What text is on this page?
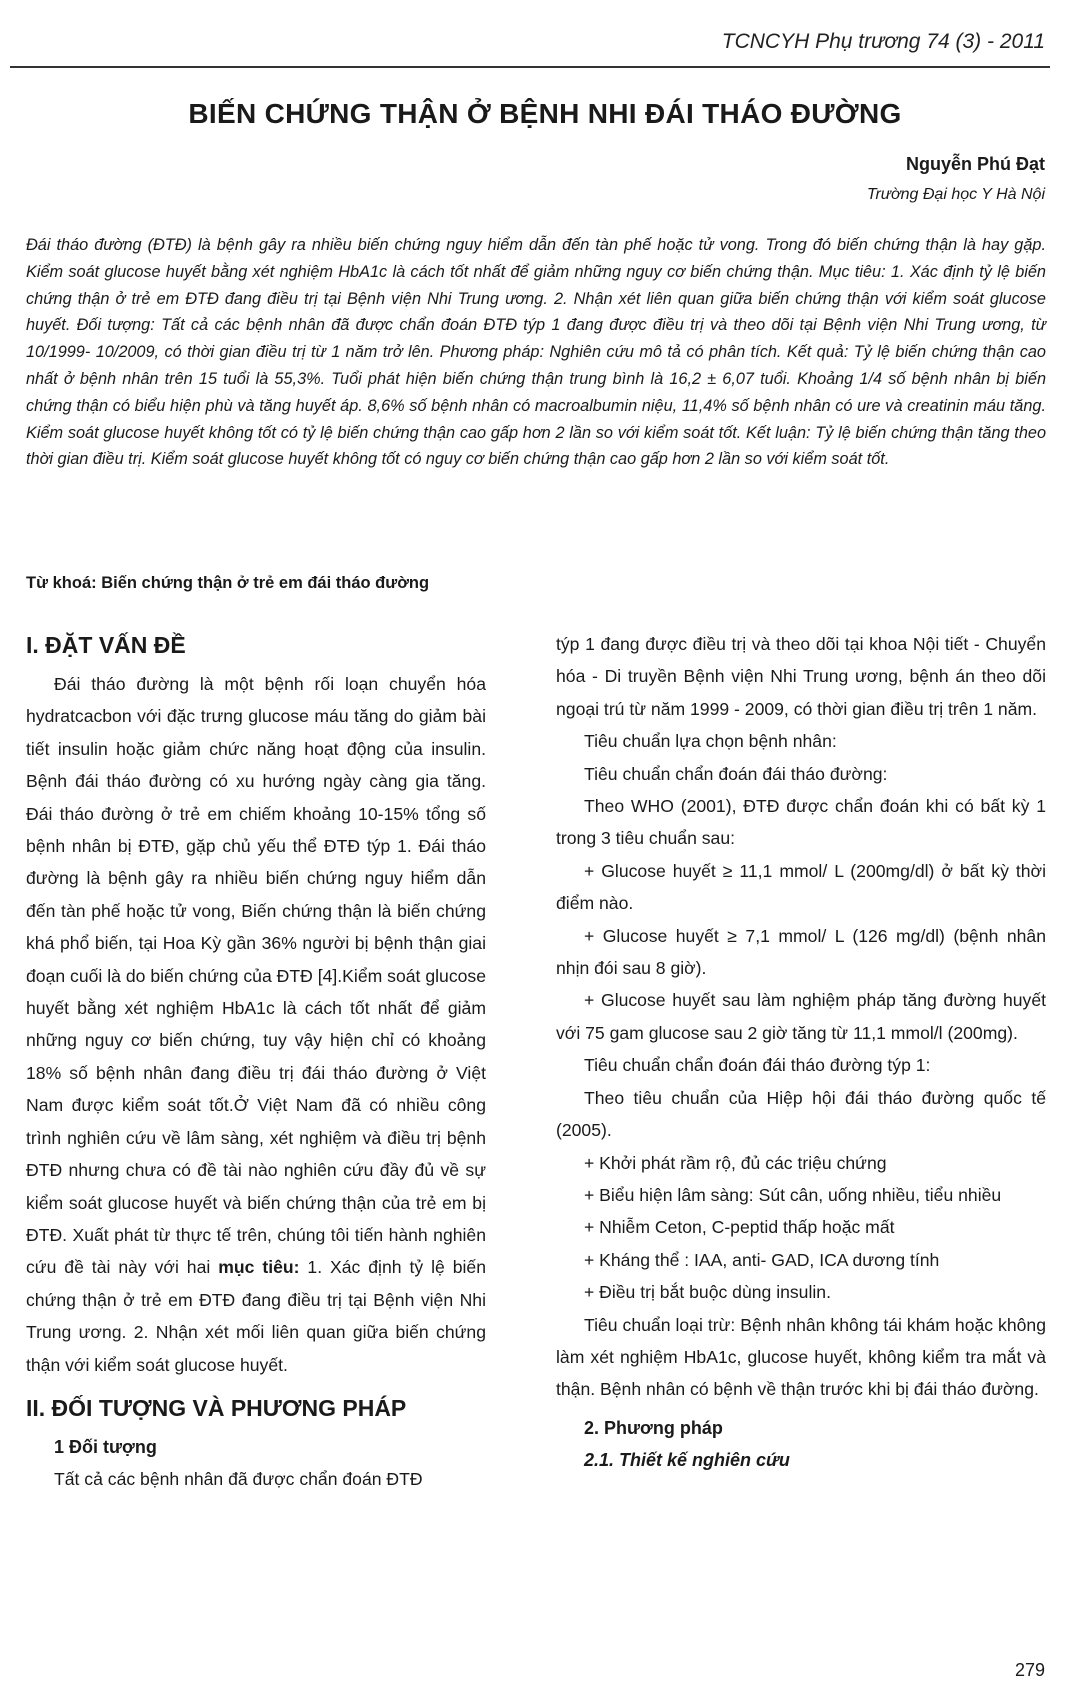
TCNCYH Phụ trương 74 (3) - 2011
BIẾN CHỨNG THẬN Ở BỆNH NHI ĐÁI THÁO ĐƯỜNG
Nguyễn Phú Đạt
Trường Đại học Y Hà Nội

Đái tháo đường (ĐTĐ) là bệnh gây ra nhiều biến chứng nguy hiểm dẫn đến tàn phế hoặc tử vong. Trong đó biến chứng thận là hay gặp. Kiểm soát glucose huyết bằng xét nghiệm HbA1c là cách tốt nhất để giảm những nguy cơ biến chứng thận. Mục tiêu: 1. Xác định tỷ lệ biến chứng thận ở trẻ em ĐTĐ đang điều trị tại Bệnh viện Nhi Trung ương. 2. Nhận xét liên quan giữa biến chứng thận với kiểm soát glucose huyết. Đối tượng: Tất cả các bệnh nhân đã được chẩn đoán ĐTĐ týp 1 đang được điều trị và theo dõi tại Bệnh viện Nhi Trung ương, từ 10/1999- 10/2009, có thời gian điều trị từ 1 năm trở lên. Phương pháp: Nghiên cứu mô tả có phân tích. Kết quả: Tỷ lệ biến chứng thận cao nhất ở bệnh nhân trên 15 tuổi là 55,3%. Tuổi phát hiện biến chứng thận trung bình là 16,2 ± 6,07 tuổi. Khoảng 1/4 số bệnh nhân bị biến chứng thận có biểu hiện phù và tăng huyết áp. 8,6% số bệnh nhân có macroalbumin niệu, 11,4% số bệnh nhân có ure và creatinin máu tăng. Kiểm soát glucose huyết không tốt có tỷ lệ biến chứng thận cao gấp hơn 2 lần so với kiểm soát tốt. Kết luận: Tỷ lệ biến chứng thận tăng theo thời gian điều trị. Kiểm soát glucose huyết không tốt có nguy cơ biến chứng thận cao gấp hơn 2 lần so với kiểm soát tốt.

Từ khoá: Biến chứng thận ở trẻ em đái tháo đường

I. ĐẶT VẤN ĐỀ

Đái tháo đường là một bệnh rối loạn chuyển hóa hydratcacbon với đặc trưng glucose máu tăng do giảm bài tiết insulin hoặc giảm chức năng hoạt động của insulin. Bệnh đái tháo đường có xu hướng ngày càng gia tăng. Đái tháo đường ở trẻ em chiếm khoảng 10-15% tổng số bệnh nhân bị ĐTĐ, gặp chủ yếu thể ĐTĐ týp 1. Đái tháo đường là bệnh gây ra nhiều biến chứng nguy hiểm dẫn đến tàn phế hoặc tử vong, Biến chứng thận là biến chứng khá phổ biến, tại Hoa Kỳ gần 36% người bị bệnh thận giai đoạn cuối là do biến chứng của ĐTĐ [4].Kiểm soát glucose huyết bằng xét nghiệm HbA1c là cách tốt nhất để giảm những nguy cơ biến chứng, tuy vậy hiện chỉ có khoảng 18% số bệnh nhân đang điều trị đái tháo đường ở Việt Nam được kiểm soát tốt.Ở Việt Nam đã có nhiều công trình nghiên cứu về lâm sàng, xét nghiệm và điều trị bệnh ĐTĐ nhưng chưa có đề tài nào nghiên cứu đầy đủ về sự kiểm soát glucose huyết và biến chứng thận của trẻ em bị ĐTĐ. Xuất phát từ thực tế trên, chúng tôi tiến hành nghiên cứu đề tài này với hai mục tiêu: 1. Xác định tỷ lệ biến chứng thận ở trẻ em ĐTĐ đang điều trị tại Bệnh viện Nhi Trung ương. 2. Nhận xét mối liên quan giữa biến chứng thận với kiểm soát glucose huyết.

II. ĐỐI TƯỢNG VÀ PHƯƠNG PHÁP

1 Đối tượng

Tất cả các bệnh nhân đã được chẩn đoán ĐTĐ

týp 1 đang được điều trị và theo dõi tại khoa Nội tiết - Chuyển hóa - Di truyền Bệnh viện Nhi Trung ương, bệnh án theo dõi ngoại trú từ năm 1999 - 2009, có thời gian điều trị trên 1 năm.

Tiêu chuẩn lựa chọn bệnh nhân:

Tiêu chuẩn chẩn đoán đái tháo đường:

Theo WHO (2001), ĐTĐ được chẩn đoán khi có bất kỳ 1 trong 3 tiêu chuẩn sau:

+ Glucose huyết ≥ 11,1 mmol/ L (200mg/dl) ở bất kỳ thời điểm nào.

+ Glucose huyết ≥ 7,1 mmol/ L (126 mg/dl) (bệnh nhân nhịn đói sau 8 giờ).

+ Glucose huyết sau làm nghiệm pháp tăng đường huyết với 75 gam glucose sau 2 giờ tăng từ 11,1 mmol/l (200mg).

Tiêu chuẩn chẩn đoán đái tháo đường týp 1:

Theo tiêu chuẩn của Hiệp hội đái tháo đường quốc tế (2005).

+ Khởi phát rầm rộ, đủ các triệu chứng

+ Biểu hiện lâm sàng: Sút cân, uống nhiều, tiểu nhiều

+ Nhiễm Ceton, C-peptid thấp hoặc mất

+ Kháng thể : IAA, anti- GAD, ICA dương tính

+ Điều trị bắt buộc dùng insulin.

Tiêu chuẩn loại trừ: Bệnh nhân không tái khám hoặc không làm xét nghiệm HbA1c, glucose huyết, không kiểm tra mắt và thận. Bệnh nhân có bệnh về thận trước khi bị đái tháo đường.

2. Phương pháp

2.1. Thiết kế nghiên cứu

279
